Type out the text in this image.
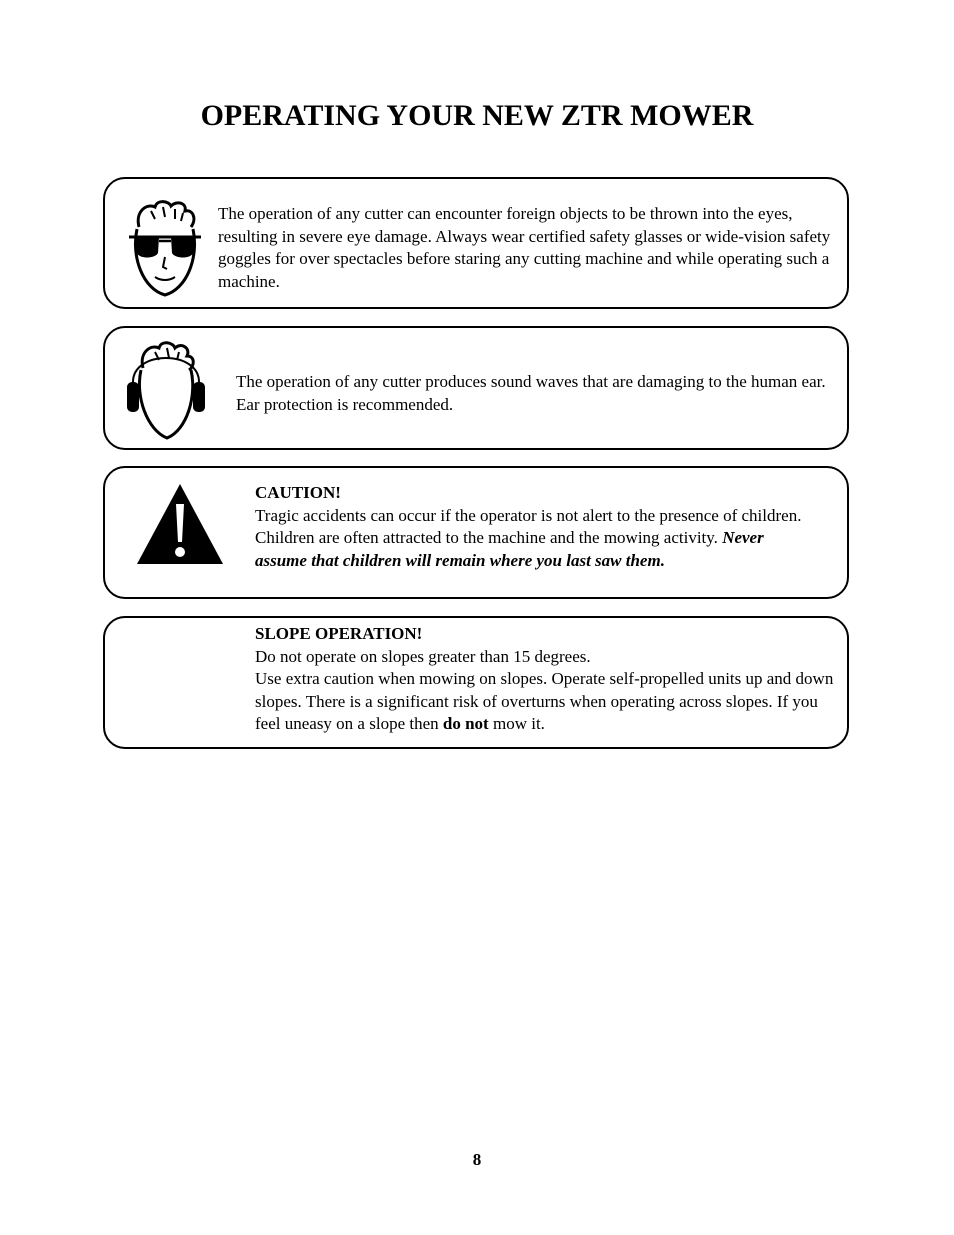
OPERATING YOUR NEW ZTR MOWER
The operation of any cutter can encounter foreign objects to be thrown into the eyes, resulting in severe eye damage. Always wear certified safety glasses or wide-vision safety goggles for over spectacles before staring any cutting machine and while operating such a machine.
The operation of any cutter produces sound waves that are damaging to the human ear. Ear protection is recommended.
CAUTION!
Tragic accidents can occur if the operator is not alert to the presence of children. Children are often attracted to the machine and the mowing activity. Never assume that children will remain where you last saw them.
SLOPE OPERATION!
Do not operate on slopes greater than 15 degrees.
Use extra caution when mowing on slopes. Operate self-propelled units up and down slopes. There is a significant risk of overturns when operating across slopes. If you feel uneasy on a slope then do not mow it.
8
